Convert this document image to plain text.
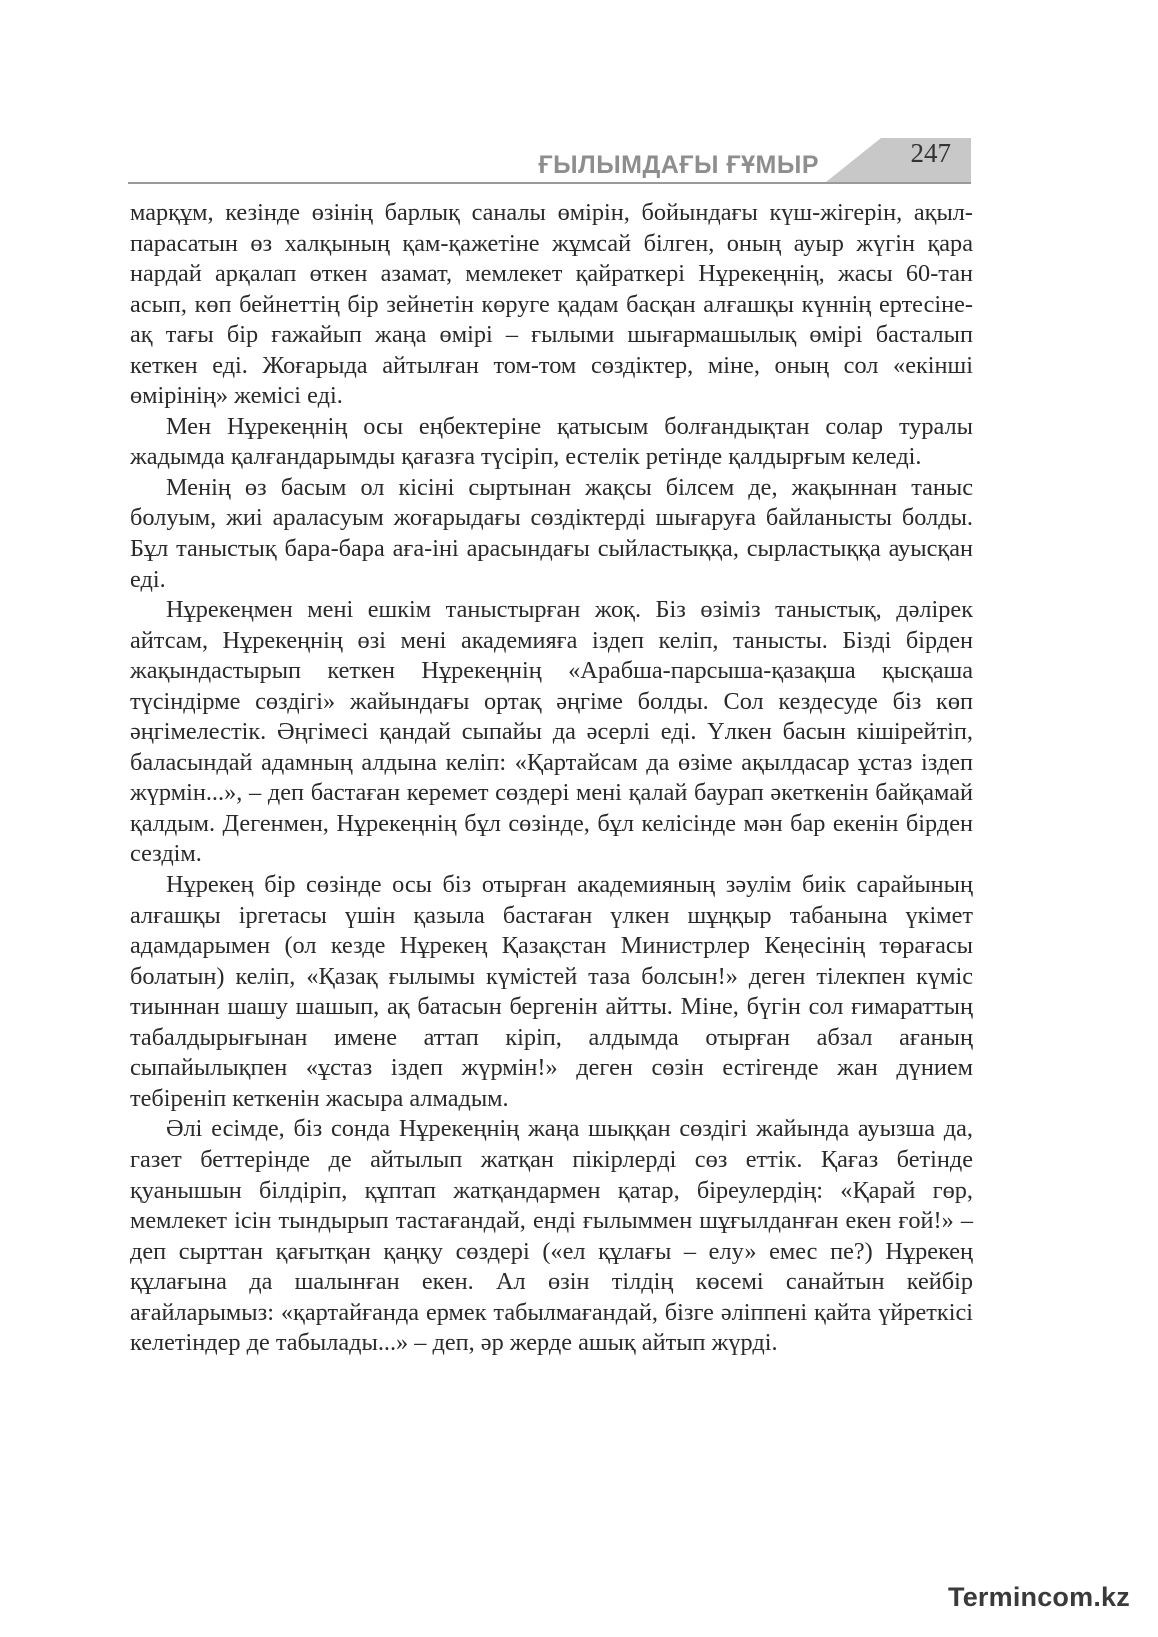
ҒЫЛЫМДАҒЫ ҒҰМЫР	247

марқұм, кезінде өзінің барлық саналы өмірін, бойындағы күш-жігерін, ақыл-парасатын өз халқының қам-қажетіне жұмсай білген, оның ауыр жүгін қара нардай арқалап өткен азамат, мемлекет қайраткері Нұрекеңнің, жасы 60-тан асып, көп бейнеттің бір зейнетін көруге қадам басқан алғашқы күннің ертесіне-ақ тағы бір ғажайып жаңа өмірі – ғылыми шығармашылық өмірі басталып кеткен еді. Жоғарыда айтылған том-том сөздіктер, міне, оның сол «екінші өмірінің» жемісі еді.

Мен Нұрекеңнің осы еңбектеріне қатысым болғандықтан солар туралы жадымда қалғандарымды қағазға түсіріп, естелік ретінде қалдырғым келеді.

Менің өз басым ол кісіні сыртынан жақсы білсем де, жақыннан таныс болуым, жиі араласуым жоғарыдағы сөздіктерді шығаруға байланысты болды. Бұл таныстық бара-бара аға-іні арасындағы сыйластыққа, сырластыққа ауысқан еді.

Нұрекеңмен мені ешкім таныстырған жоқ. Біз өзіміз таныстық, дәлірек айтсам, Нұрекеңнің өзі мені академияға іздеп келіп, танысты. Бізді бірден жақындастырып кеткен Нұрекеңнің «Арабша-парсыша-қазақша қысқаша түсіндірме сөздігі» жайындағы ортақ әңгіме болды. Сол кездесуде біз көп әңгімелестік. Әңгімесі қандай сыпайы да әсерлі еді. Үлкен басын кішірейтіп, баласындай адамның алдына келіп: «Қартайсам да өзіме ақылдасар ұстаз іздеп жүрмін...», – деп бастаған керемет сөздері мені қалай баурап әкеткенін байқамай қалдым. Дегенмен, Нұрекеңнің бұл сөзінде, бұл келісінде мән бар екенін бірден сездім.

Нұрекең бір сөзінде осы біз отырған академияның зәулім биік сарайының алғашқы іргетасы үшін қазыла бастаған үлкен шұңқыр табанына үкімет адамдарымен (ол кезде Нұрекең Қазақстан Министрлер Кеңесінің төрағасы болатын) келіп, «Қазақ ғылымы күмістей таза болсын!» деген тілекпен күміс тиыннан шашу шашып, ақ батасын бергенін айтты. Міне, бүгін сол ғимараттың табалдырығынан имене аттап кіріп, алдымда отырған абзал ағаның сыпайылықпен «ұстаз іздеп жүрмін!» деген сөзін естігенде жан дүнием тебіреніп кеткенін жасыра алмадым.

Әлі есімде, біз сонда Нұрекеңнің жаңа шыққан сөздігі жайында ауызша да, газет беттерінде де айтылып жатқан пікірлерді сөз еттік. Қағаз бетінде қуанышын білдіріп, құптап жатқандармен қатар, біреулердің: «Қарай гөр, мемлекет ісін тындырып тастағандай, енді ғылыммен шұғылданған екен ғой!» – деп сырттан қағытқан қаңқу сөздері («ел құлағы – елу» емес пе?) Нұрекең құлағына да шалынған екен. Ал өзін тілдің көсемі санайтын кейбір ағайларымыз: «қартайғанда ермек табылмағандай, бізге әліппені қайта үйреткісі келетіндер де табылады...» – деп, әр жерде ашық айтып жүрді.

Termincom.kz
